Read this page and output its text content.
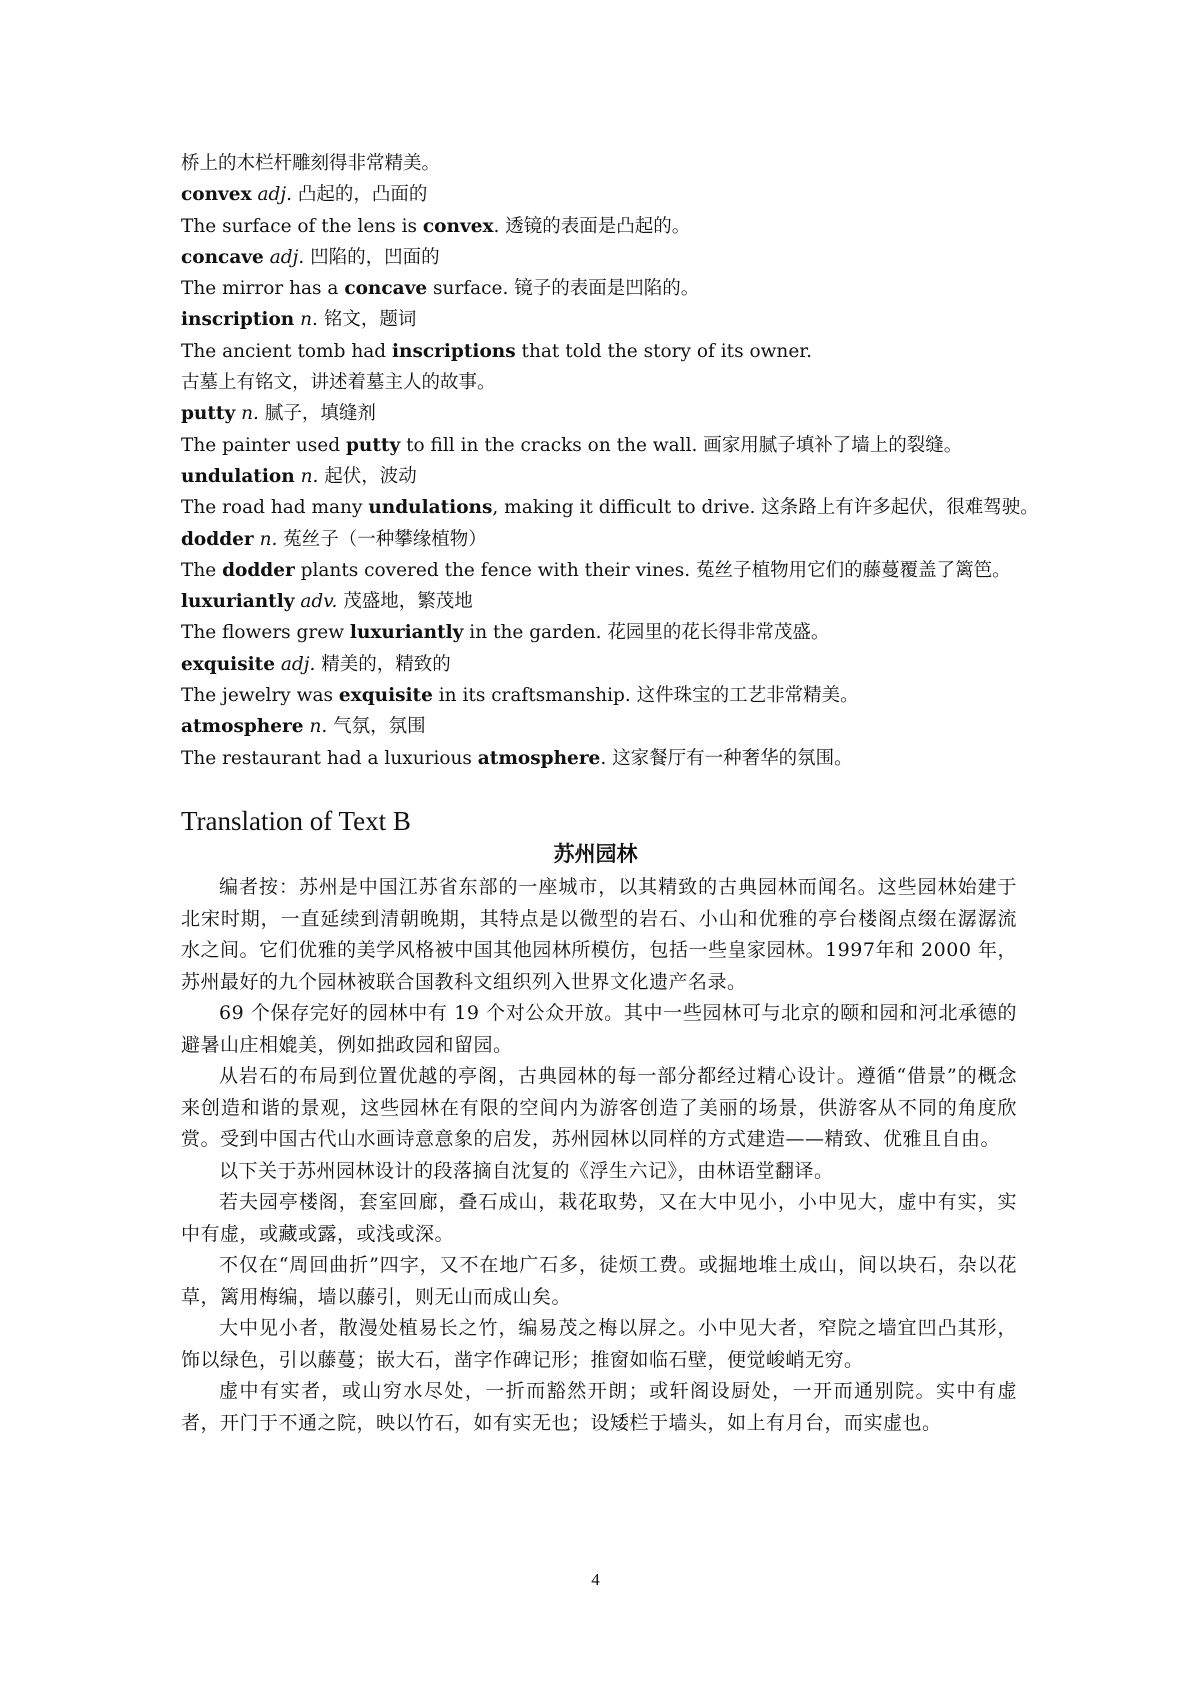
桥上的木栏杆雕刻得非常精美。
convex adj. 凸起的，凸面的
The surface of the lens is convex. 透镜的表面是凸起的。
concave adj. 凹陷的，凹面的
The mirror has a concave surface. 镜子的表面是凹陷的。
inscription n. 铭文，题词
The ancient tomb had inscriptions that told the story of its owner.
古墓上有铭文，讲述着墓主人的故事。
putty n. 腻子，填缝剂
The painter used putty to fill in the cracks on the wall. 画家用腻子填补了墙上的裂缝。
undulation n. 起伏，波动
The road had many undulations, making it difficult to drive. 这条路上有许多起伏，很难驾驶。
dodder n. 菟丝子（一种攀缘植物）
The dodder plants covered the fence with their vines. 菟丝子植物用它们的藤蔓覆盖了篱笆。
luxuriantly adv. 茂盛地，繁茂地
The flowers grew luxuriantly in the garden. 花园里的花长得非常茂盛。
exquisite adj. 精美的，精致的
The jewelry was exquisite in its craftsmanship. 这件珠宝的工艺非常精美。
atmosphere n. 气氛，氛围
The restaurant had a luxurious atmosphere. 这家餐厅有一种奢华的氛围。
Translation of Text B
苏州园林

编者按：苏州是中国江苏省东部的一座城市，以其精致的古典园林而闻名。这些园林始建于北宋时期，一直延续到清朝晚期，其特点是以微型的岩石、小山和优雅的亭台楼阁点缀在潺潺流水之间。它们优雅的美学风格被中国其他园林所模仿，包括一些皇家园林。1997年和 2000 年，苏州最好的九个园林被联合国教科文组织列入世界文化遗产名录。

69 个保存完好的园林中有 19 个对公众开放。其中一些园林可与北京的颐和园和河北承德的避暑山庄相媲美，例如拙政园和留园。

从岩石的布局到位置优越的亭阁，古典园林的每一部分都经过精心设计。遵循“借景”的概念来创造和谐的景观，这些园林在有限的空间内为游客创造了美丽的场景，供游客从不同的角度欣赏。受到中国古代山水画诗意意象的启发，苏州园林以同样的方式建造——精致、优雅且自由。

以下关于苏州园林设计的段落摘自沈复的《浮生六记》，由林语堂翻译。

若夫园亭楼阁，套室回廊，叠石成山，栽花取势，又在大中见小，小中见大，虚中有实，实中有虚，或藏或露，或浅或深。

不仅在“周回曲折”四字，又不在地广石多，徒烦工费。或掘地堆土成山，间以块石，杂以花草，篱用梅编，墙以藤引，则无山而成山矣。

大中见小者，散漫处植易长之竹，编易茂之梅以屏之。小中见大者，窄院之墙宜凹凸其形，饰以绿色，引以藤蔓；嵌大石，凿字作碑记形；推窗如临石壁，便觉峻峭无穷。

虚中有实者，或山穷水尽处，一折而豁然开朗；或轩阁设厨处，一开而通别院。实中有虚者，开门于不通之院，映以竹石，如有实无也；设矮栏于墙头，如上有月台，而实虚也。

4
